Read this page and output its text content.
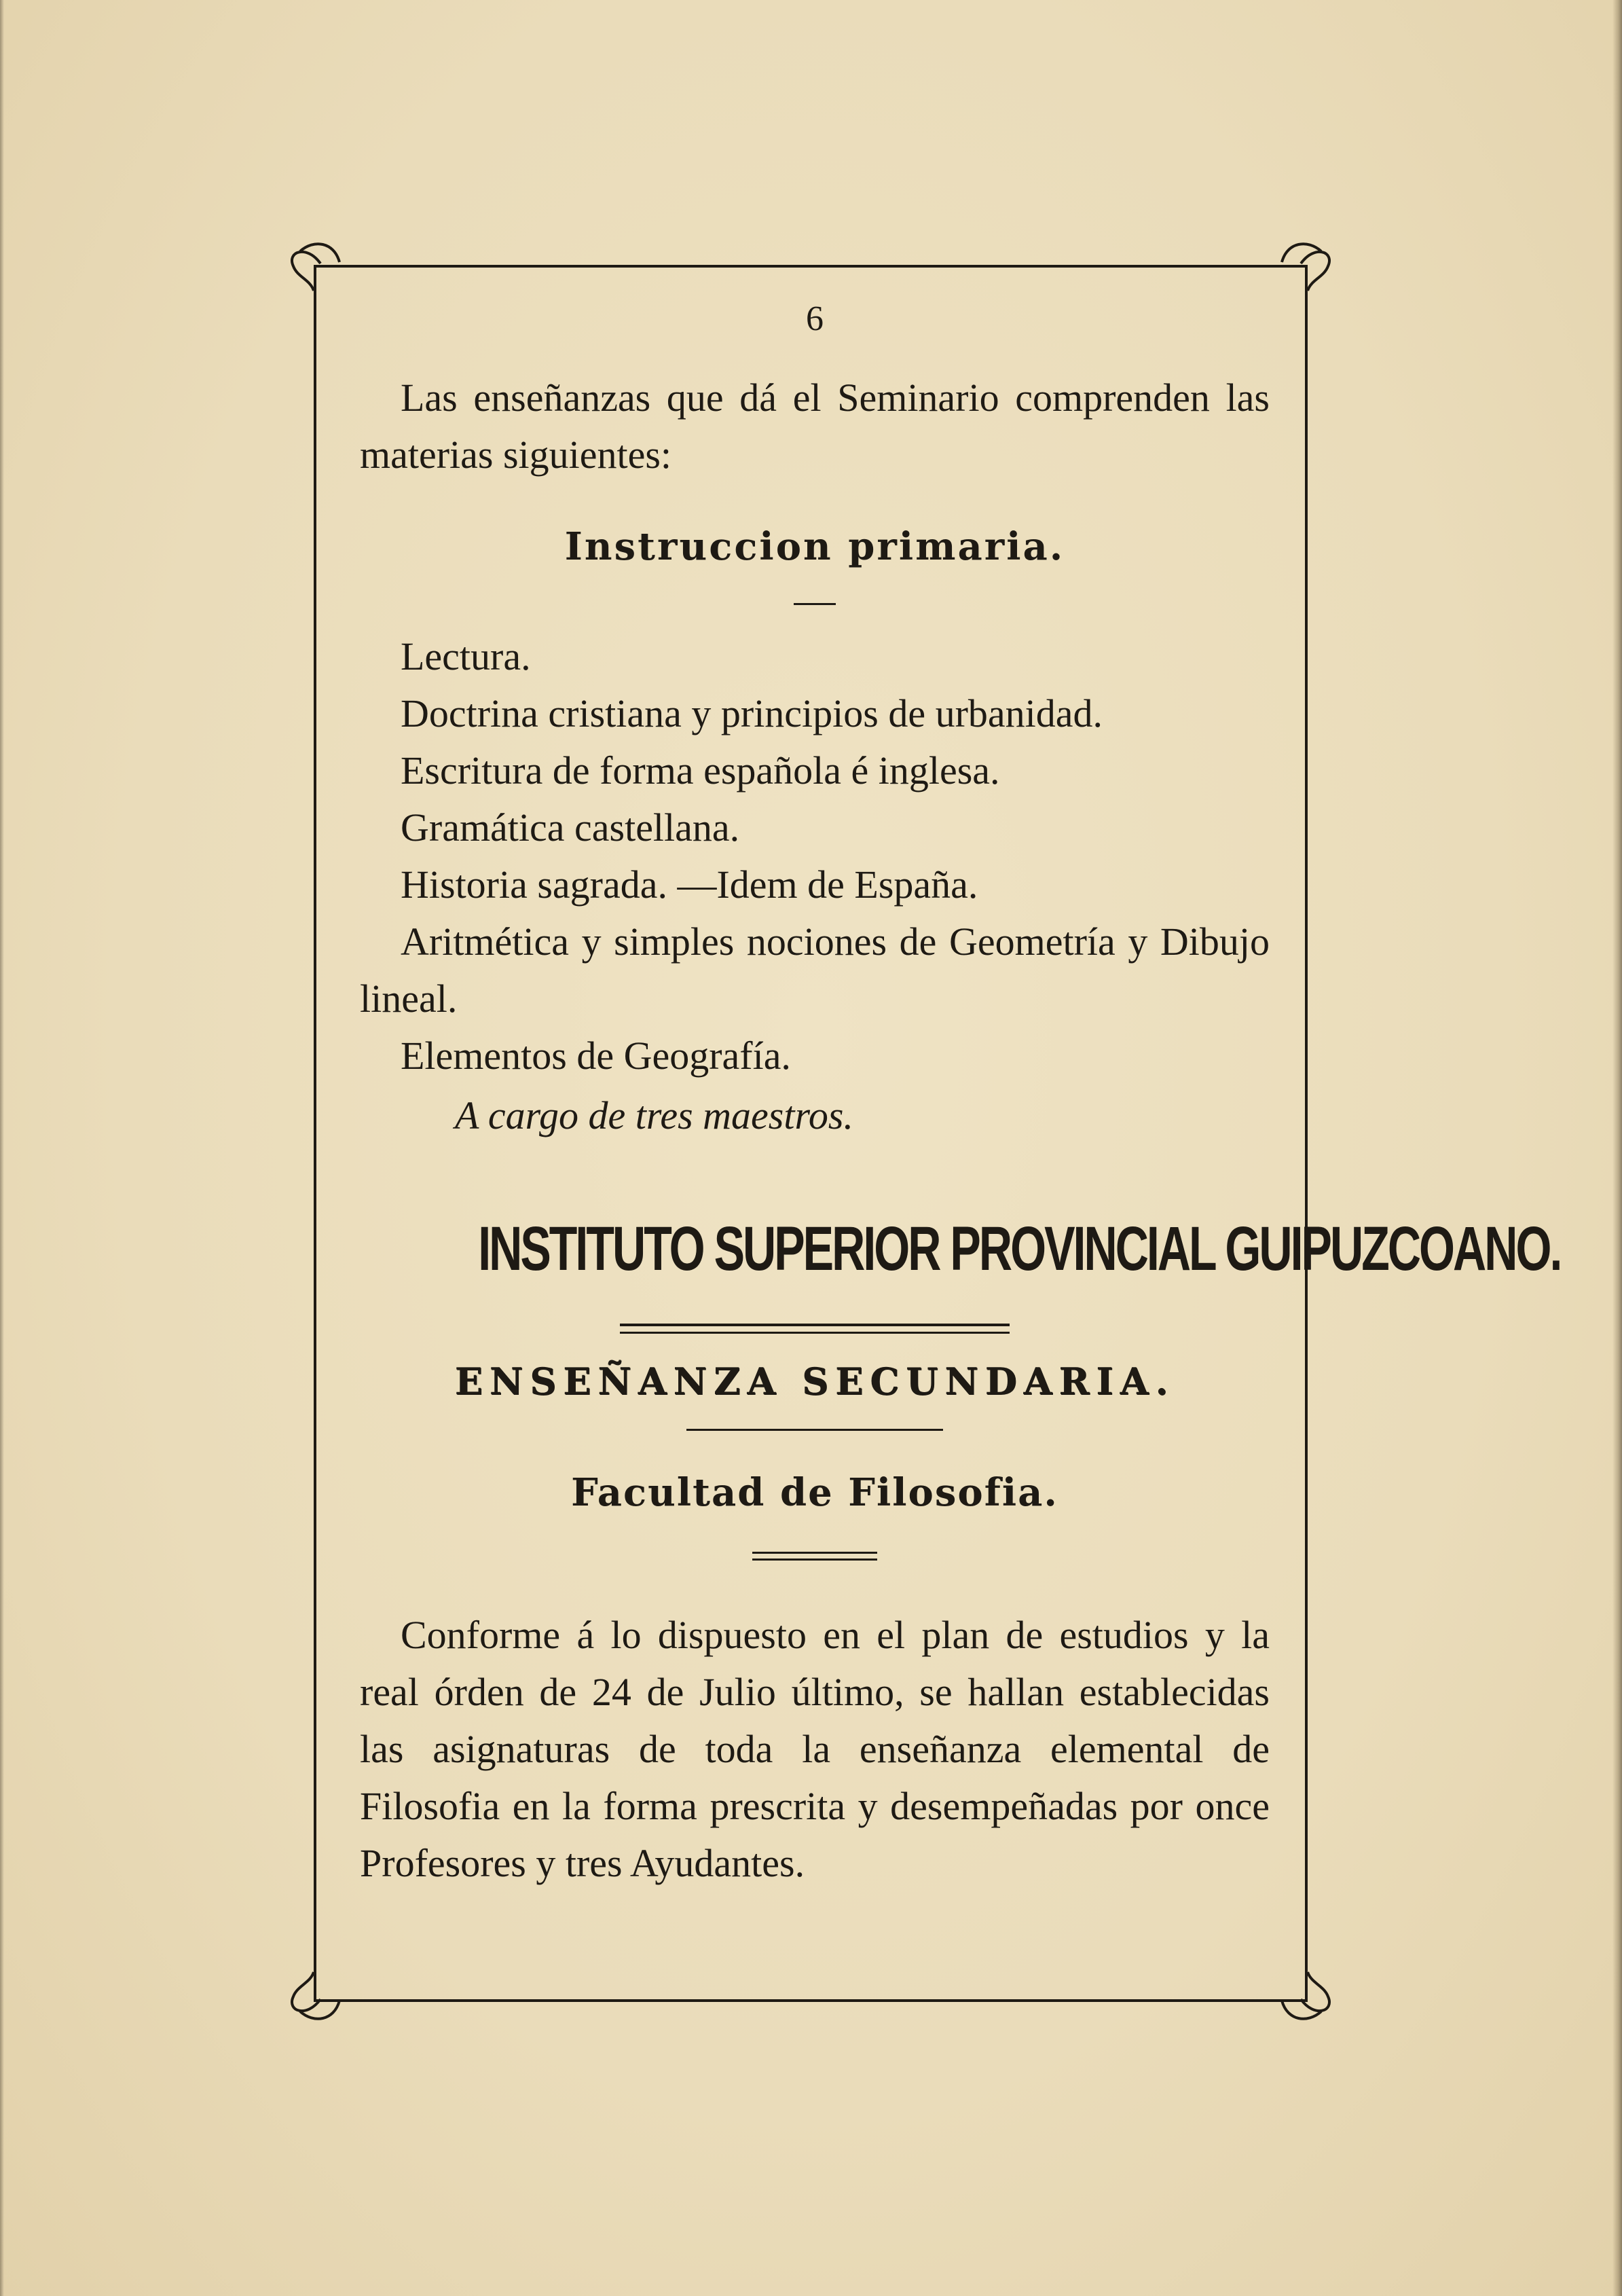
6
Las enseñanzas que dá el Seminario comprenden las materias siguientes:
Instruccion primaria.
Lectura.
Doctrina cristiana y principios de urbanidad.
Escritura de forma española é inglesa.
Gramática castellana.
Historia sagrada. —Idem de España.
Aritmética y simples nociones de Geometría y Dibujo lineal.
Elementos de Geografía.
A cargo de tres maestros.
INSTITUTO SUPERIOR PROVINCIAL GUIPUZCOANO.
ENSEÑANZA SECUNDARIA.
Facultad de Filosofia.
Conforme á lo dispuesto en el plan de estudios y la real órden de 24 de Julio último, se hallan establecidas las asignaturas de toda la enseñanza elemental de Filosofia en la forma prescrita y desempeñadas por once Profesores y tres Ayudantes.
